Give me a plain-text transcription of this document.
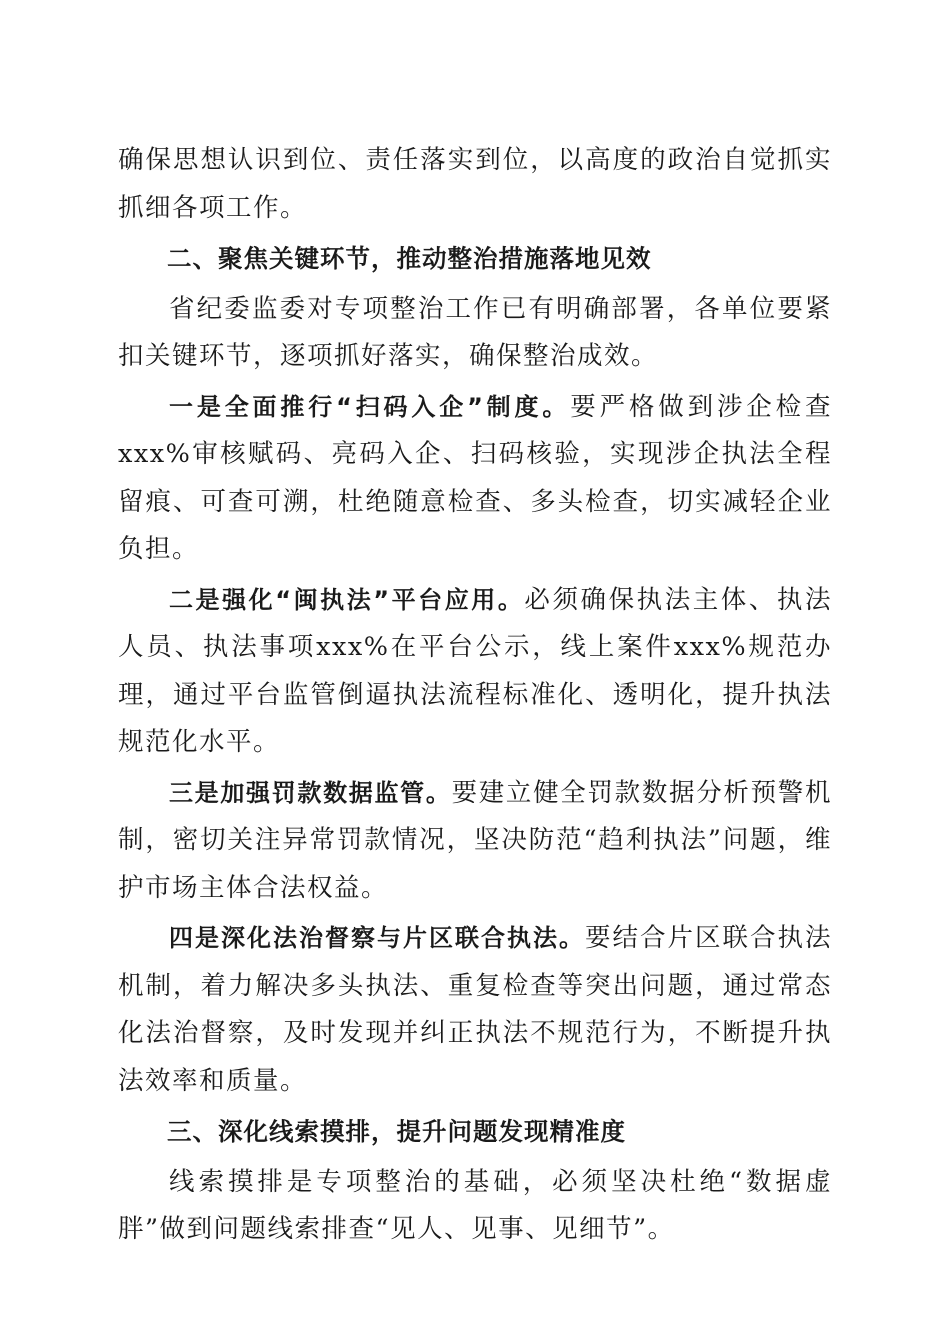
确保思想认识到位、责任落实到位，以高度的政治自觉抓实抓细各项工作。

二、聚焦关键环节，推动整治措施落地见效

省纪委监委对专项整治工作已有明确部署，各单位要紧扣关键环节，逐项抓好落实，确保整治成效。

一是全面推行“扫码入企”制度。要严格做到涉企检查xxx%审核赋码、亮码入企、扫码核验，实现涉企执法全程留痕、可查可溯，杜绝随意检查、多头检查，切实减轻企业负担。

二是强化“闽执法”平台应用。必须确保执法主体、执法人员、执法事项xxx%在平台公示，线上案件xxx%规范办理，通过平台监管倒逼执法流程标准化、透明化，提升执法规范化水平。

三是加强罚款数据监管。要建立健全罚款数据分析预警机制，密切关注异常罚款情况，坚决防范“趋利执法”问题，维护市场主体合法权益。

四是深化法治督察与片区联合执法。要结合片区联合执法机制，着力解决多头执法、重复检查等突出问题，通过常态化法治督察，及时发现并纠正执法不规范行为，不断提升执法效率和质量。

三、深化线索摸排，提升问题发现精准度

线索摸排是专项整治的基础，必须坚决杜绝“数据虚胖”做到问题线索排查“见人、见事、见细节”。
